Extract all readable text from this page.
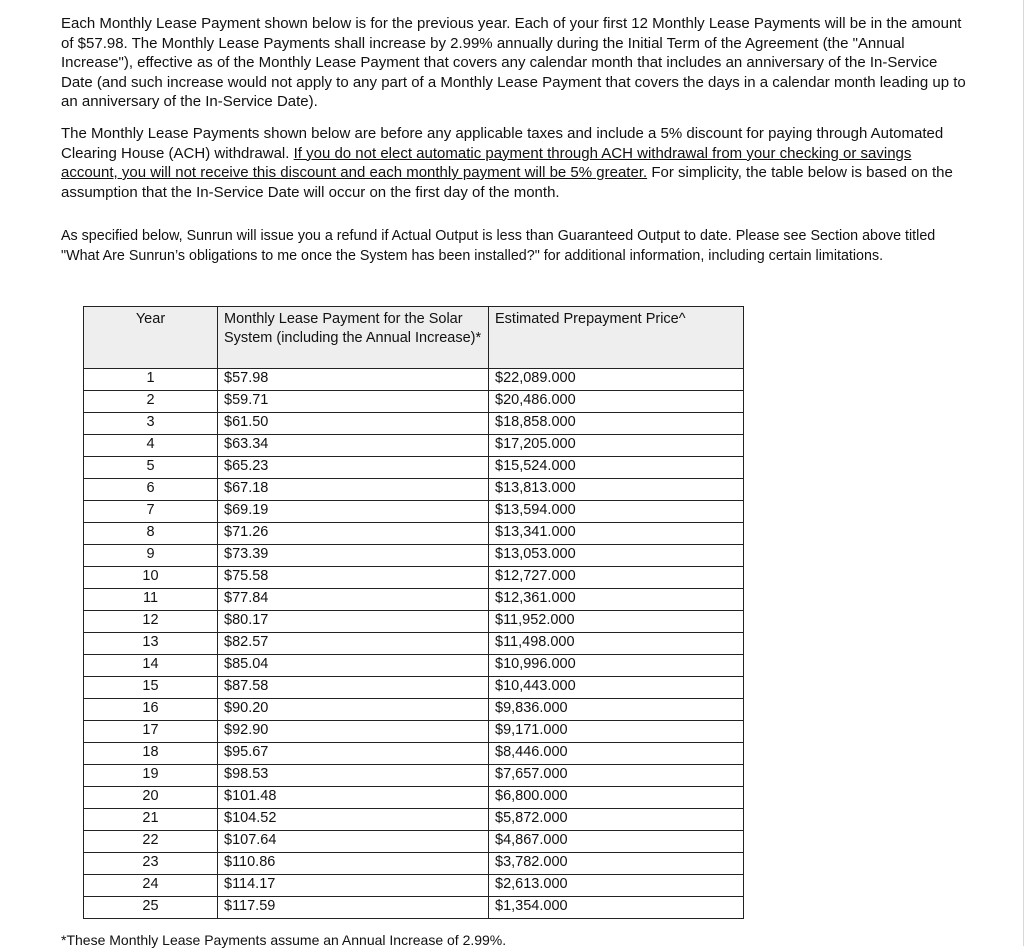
Each Monthly Lease Payment shown below is for the previous year. Each of your first 12 Monthly Lease Payments will be in the amount of $57.98. The Monthly Lease Payments shall increase by 2.99% annually during the Initial Term of the Agreement (the "Annual Increase"), effective as of the Monthly Lease Payment that covers any calendar month that includes an anniversary of the In-Service Date (and such increase would not apply to any part of a Monthly Lease Payment that covers the days in a calendar month leading up to an anniversary of the In-Service Date).

The Monthly Lease Payments shown below are before any applicable taxes and include a 5% discount for paying through Automated Clearing House (ACH) withdrawal. If you do not elect automatic payment through ACH withdrawal from your checking or savings account, you will not receive this discount and each monthly payment will be 5% greater. For simplicity, the table below is based on the assumption that the In-Service Date will occur on the first day of the month.

As specified below, Sunrun will issue you a refund if Actual Output is less than Guaranteed Output to date. Please see Section above titled "What Are Sunrun’s obligations to me once the System has been installed?" for additional information, including certain limitations.

Year	Monthly Lease Payment for the Solar System (including the Annual Increase)*	Estimated Prepayment Price^
1	$57.98	$22,089.000
2	$59.71	$20,486.000
3	$61.50	$18,858.000
4	$63.34	$17,205.000
5	$65.23	$15,524.000
6	$67.18	$13,813.000
7	$69.19	$13,594.000
8	$71.26	$13,341.000
9	$73.39	$13,053.000
10	$75.58	$12,727.000
11	$77.84	$12,361.000
12	$80.17	$11,952.000
13	$82.57	$11,498.000
14	$85.04	$10,996.000
15	$87.58	$10,443.000
16	$90.20	$9,836.000
17	$92.90	$9,171.000
18	$95.67	$8,446.000
19	$98.53	$7,657.000
20	$101.48	$6,800.000
21	$104.52	$5,872.000
22	$107.64	$4,867.000
23	$110.86	$3,782.000
24	$114.17	$2,613.000
25	$117.59	$1,354.000

*These Monthly Lease Payments assume an Annual Increase of 2.99%.
